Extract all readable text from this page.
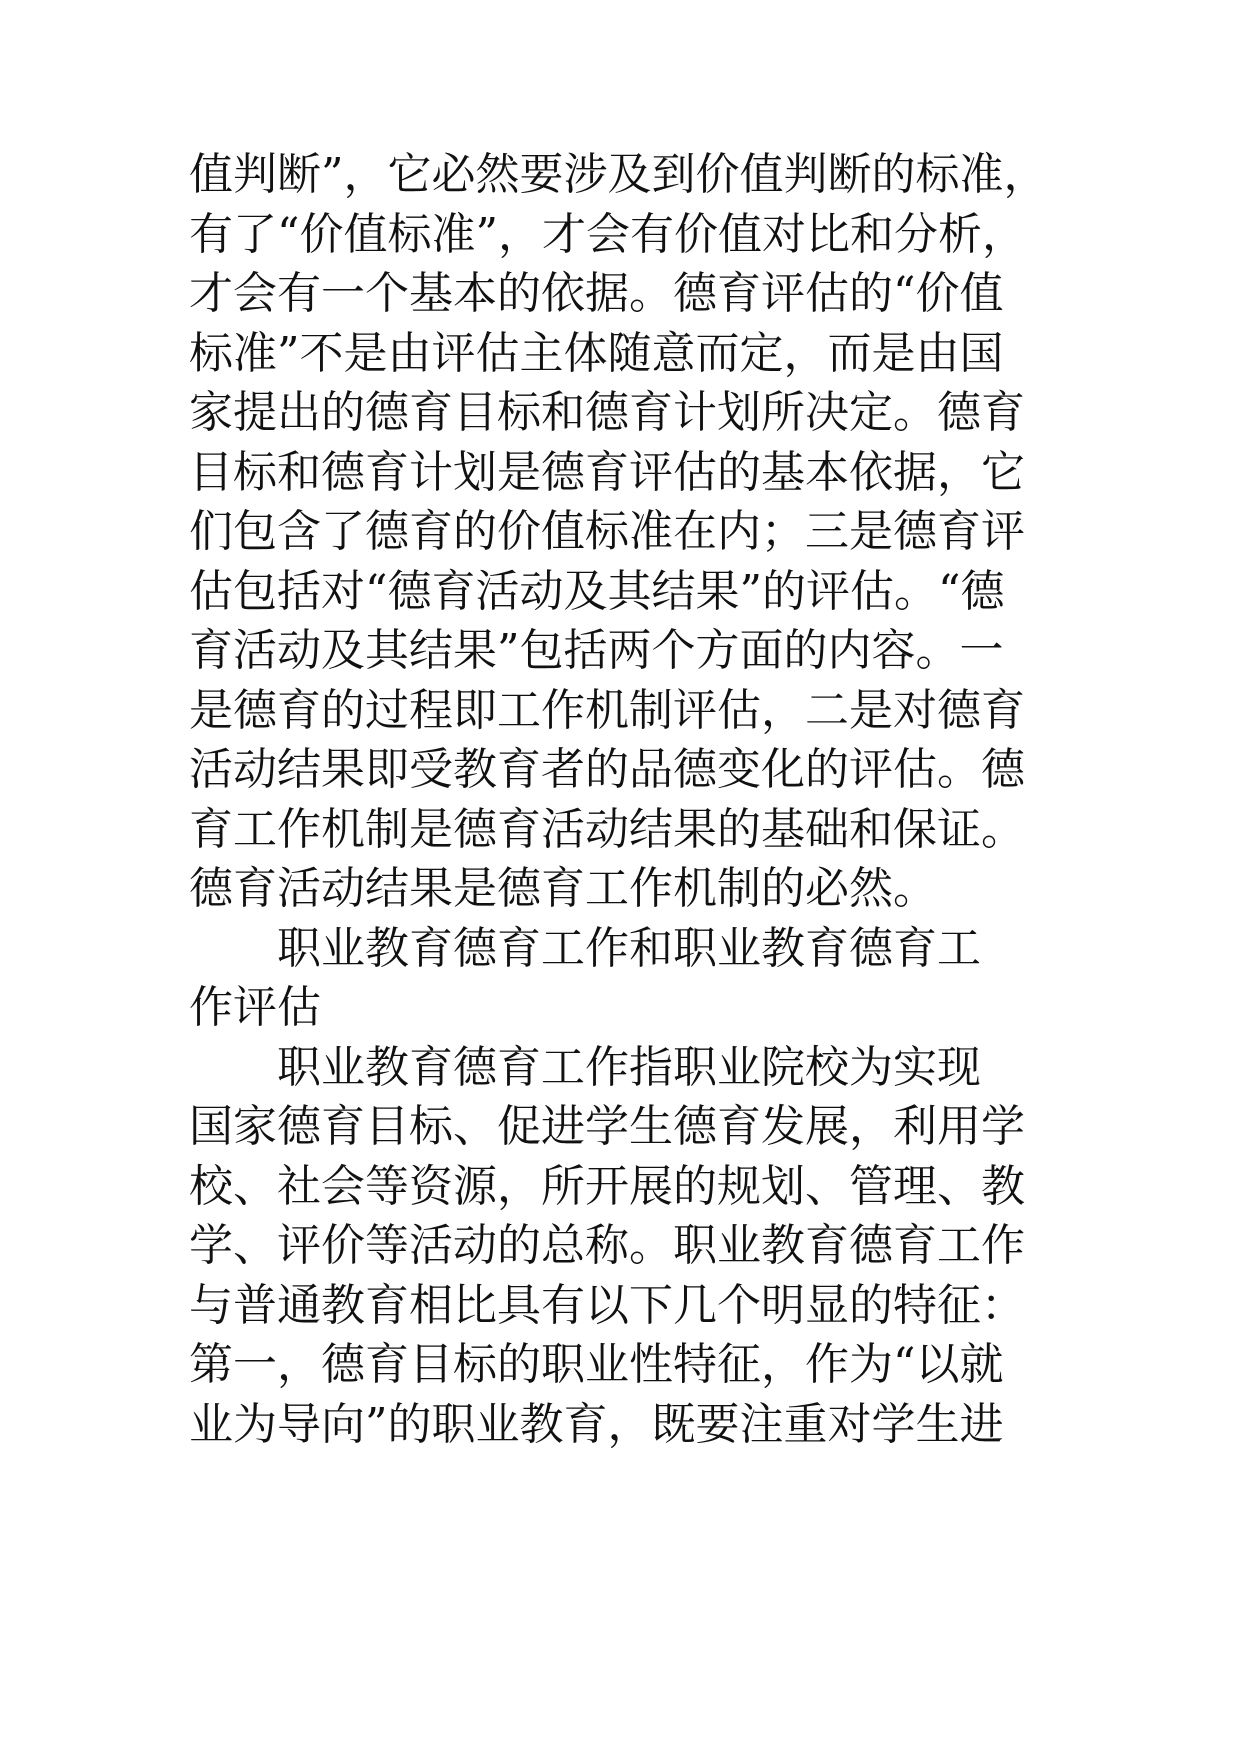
值判断”，它必然要涉及到价值判断的标准，
有了“价值标准”，才会有价值对比和分析，
才会有一个基本的依据。德育评估的“价值
标准”不是由评估主体随意而定，而是由国
家提出的德育目标和德育计划所决定。德育
目标和德育计划是德育评估的基本依据，它
们包含了德育的价值标准在内；三是德育评
估包括对“德育活动及其结果”的评估。“德
育活动及其结果”包括两个方面的内容。一
是德育的过程即工作机制评估，二是对德育
活动结果即受教育者的品德变化的评估。德
育工作机制是德育活动结果的基础和保证。
德育活动结果是德育工作机制的必然。
职业教育德育工作和职业教育德育工
作评估
职业教育德育工作指职业院校为实现
国家德育目标、促进学生德育发展，利用学
校、社会等资源，所开展的规划、管理、教
学、评价等活动的总称。职业教育德育工作
与普通教育相比具有以下几个明显的特征：
第一，德育目标的职业性特征，作为“以就
业为导向”的职业教育，既要注重对学生进
